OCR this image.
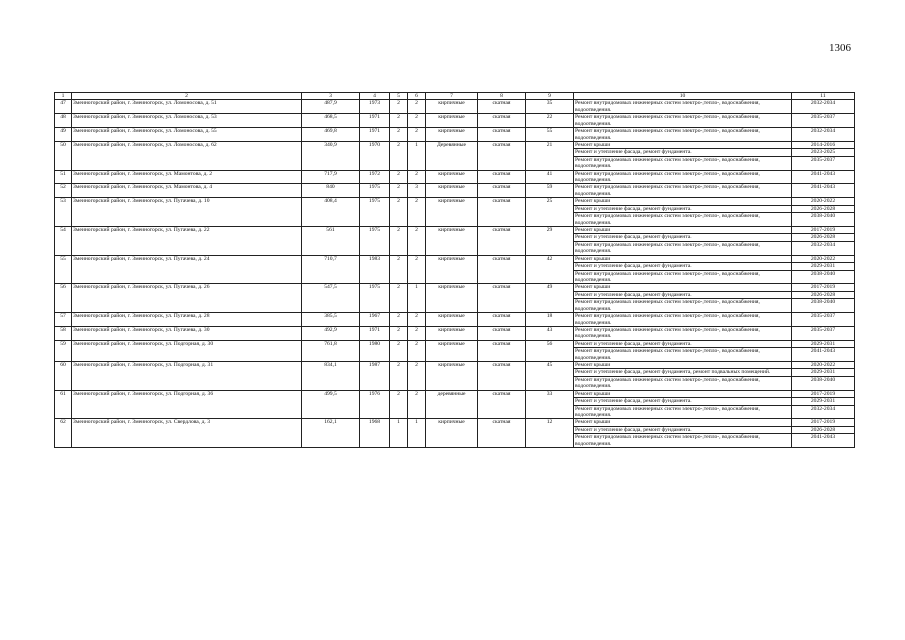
1306
1	2	3	4	5	6	7	8	9	10	11
47	Змеиногорский район, г. Змеиногорск, ул. Ломоносова, д. 51	487,9	1973	2	2	кирпичные	скатная	35	Ремонт внутридомовых инженерных систем электро-,тепло-, водоснабжения, водоотведения.	2032-2034
48	Змеиногорский район, г. Змеиногорск, ул. Ломоносова, д. 53	468,5	1971	2	2	кирпичные	скатная	22	Ремонт внутридомовых инженерных систем электро-,тепло-, водоснабжения, водоотведения.	2035-2037
49	Змеиногорский район, г. Змеиногорск, ул. Ломоносова, д. 55	469,8	1971	2	2	кирпичные	скатная	55	Ремонт внутридомовых инженерных систем электро-,тепло-, водоснабжения, водоотведения.	2032-2034
50	Змеиногорский район, г. Змеиногорск, ул. Ломоносова, д. 62	340,9	1970	2	1	Деревянные	скатная	21	Ремонт крыши	2014-2016
									Ремонт и утепление фасада, ремонт фундамента.	2023-2025
									Ремонт внутридомовых инженерных систем электро-,тепло-, водоснабжения, водоотведения.	2035-2037
51	Змеиногорский район, г. Змеиногорск, ул. Мамонтова, д. 2	717,9	1972	2	2	кирпичные	скатная	41	Ремонт внутридомовых инженерных систем электро-,тепло-, водоснабжения, водоотведения.	2041-2043
52	Змеиногорский район, г. Змеиногорск, ул. Мамонтова, д. 4	840	1975	2	3	кирпичные	скатная	59	Ремонт внутридомовых инженерных систем электро-,тепло-, водоснабжения, водоотведения.	2041-2043
53	Змеиногорский район, г. Змеиногорск, ул. Пугачева, д. 10	408,4	1975	2	2	кирпичные	скатная	25	Ремонт крыши	2020-2022
									Ремонт и утепление фасада, ремонт фундамента.	2026-2028
									Ремонт внутридомовых инженерных систем электро-,тепло-, водоснабжения, водоотведения.	2038-2040
54	Змеиногорский район, г. Змеиногорск, ул. Пугачева, д. 22	561	1975	2	2	кирпичные	скатная	29	Ремонт крыши	2017-2019
									Ремонт и утепление фасада, ремонт фундамента.	2026-2028
									Ремонт внутридомовых инженерных систем электро-,тепло-, водоснабжения, водоотведения.	2032-2034
55	Змеиногорский район, г. Змеиногорск, ул. Пугачева, д. 24	710,7	1983	2	2	кирпичные	скатная	42	Ремонт крыши	2020-2022
									Ремонт и утепление фасада, ремонт фундамента.	2029-2031
									Ремонт внутридомовых инженерных систем электро-,тепло-, водоснабжения, водоотведения.	2038-2040
56	Змеиногорский район, г. Змеиногорск, ул. Пугачева, д. 26	547,5	1975	2	1	кирпичные	скатная	49	Ремонт крыши	2017-2019
									Ремонт и утепление фасада, ремонт фундамента.	2026-2028
									Ремонт внутридомовых инженерных систем электро-,тепло-, водоснабжения, водоотведения.	2038-2040
57	Змеиногорский район, г. Змеиногорск, ул. Пугачева, д. 28	385,5	1967	2	2	кирпичные	скатная	18	Ремонт внутридомовых инженерных систем электро-,тепло-, водоснабжения, водоотведения.	2035-2037
58	Змеиногорский район, г. Змеиногорск, ул. Пугачева, д. 30	492,9	1971	2	2	кирпичные	скатная	43	Ремонт внутридомовых инженерных систем электро-,тепло-, водоснабжения, водоотведения.	2035-2037
59	Змеиногорский район, г. Змеиногорск, ул. Подгорная, д. 30	761,8	1980	2	2	кирпичные	скатная	56	Ремонт и утепление фасада, ремонт фундамента.	2029-2031
									Ремонт внутридомовых инженерных систем электро-,тепло-, водоснабжения, водоотведения.	2041-2043
60	Змеиногорский район, г. Змеиногорск, ул. Подгорная, д. 31	834,1	1987	2	2	кирпичные	скатная	45	Ремонт крыши	2020-2022
									Ремонт и утепление фасада, ремонт фундамента, ремонт подвальных помещений.	2029-2031
									Ремонт внутридомовых инженерных систем электро-,тепло-, водоснабжения, водоотведения.	2038-2040
61	Змеиногорский район, г. Змеиногорск, ул. Подгорная, д. 36	499,5	1976	2	2	деревянные	скатная	33	Ремонт крыши	2017-2019
									Ремонт и утепление фасада, ремонт фундамента.	2029-2031
									Ремонт внутридомовых инженерных систем электро-,тепло-, водоснабжения, водоотведения.	2032-2034
62	Змеиногорский район, г. Змеиногорск, ул. Свердлова, д. 3	162,1	1968	1	1	кирпичные	скатная	12	Ремонт крыши	2017-2019
									Ремонт и утепление фасада, ремонт фундамента.	2026-2028
									Ремонт внутридомовых инженерных систем электро-,тепло-, водоснабжения, водоотведения.	2041-2043
